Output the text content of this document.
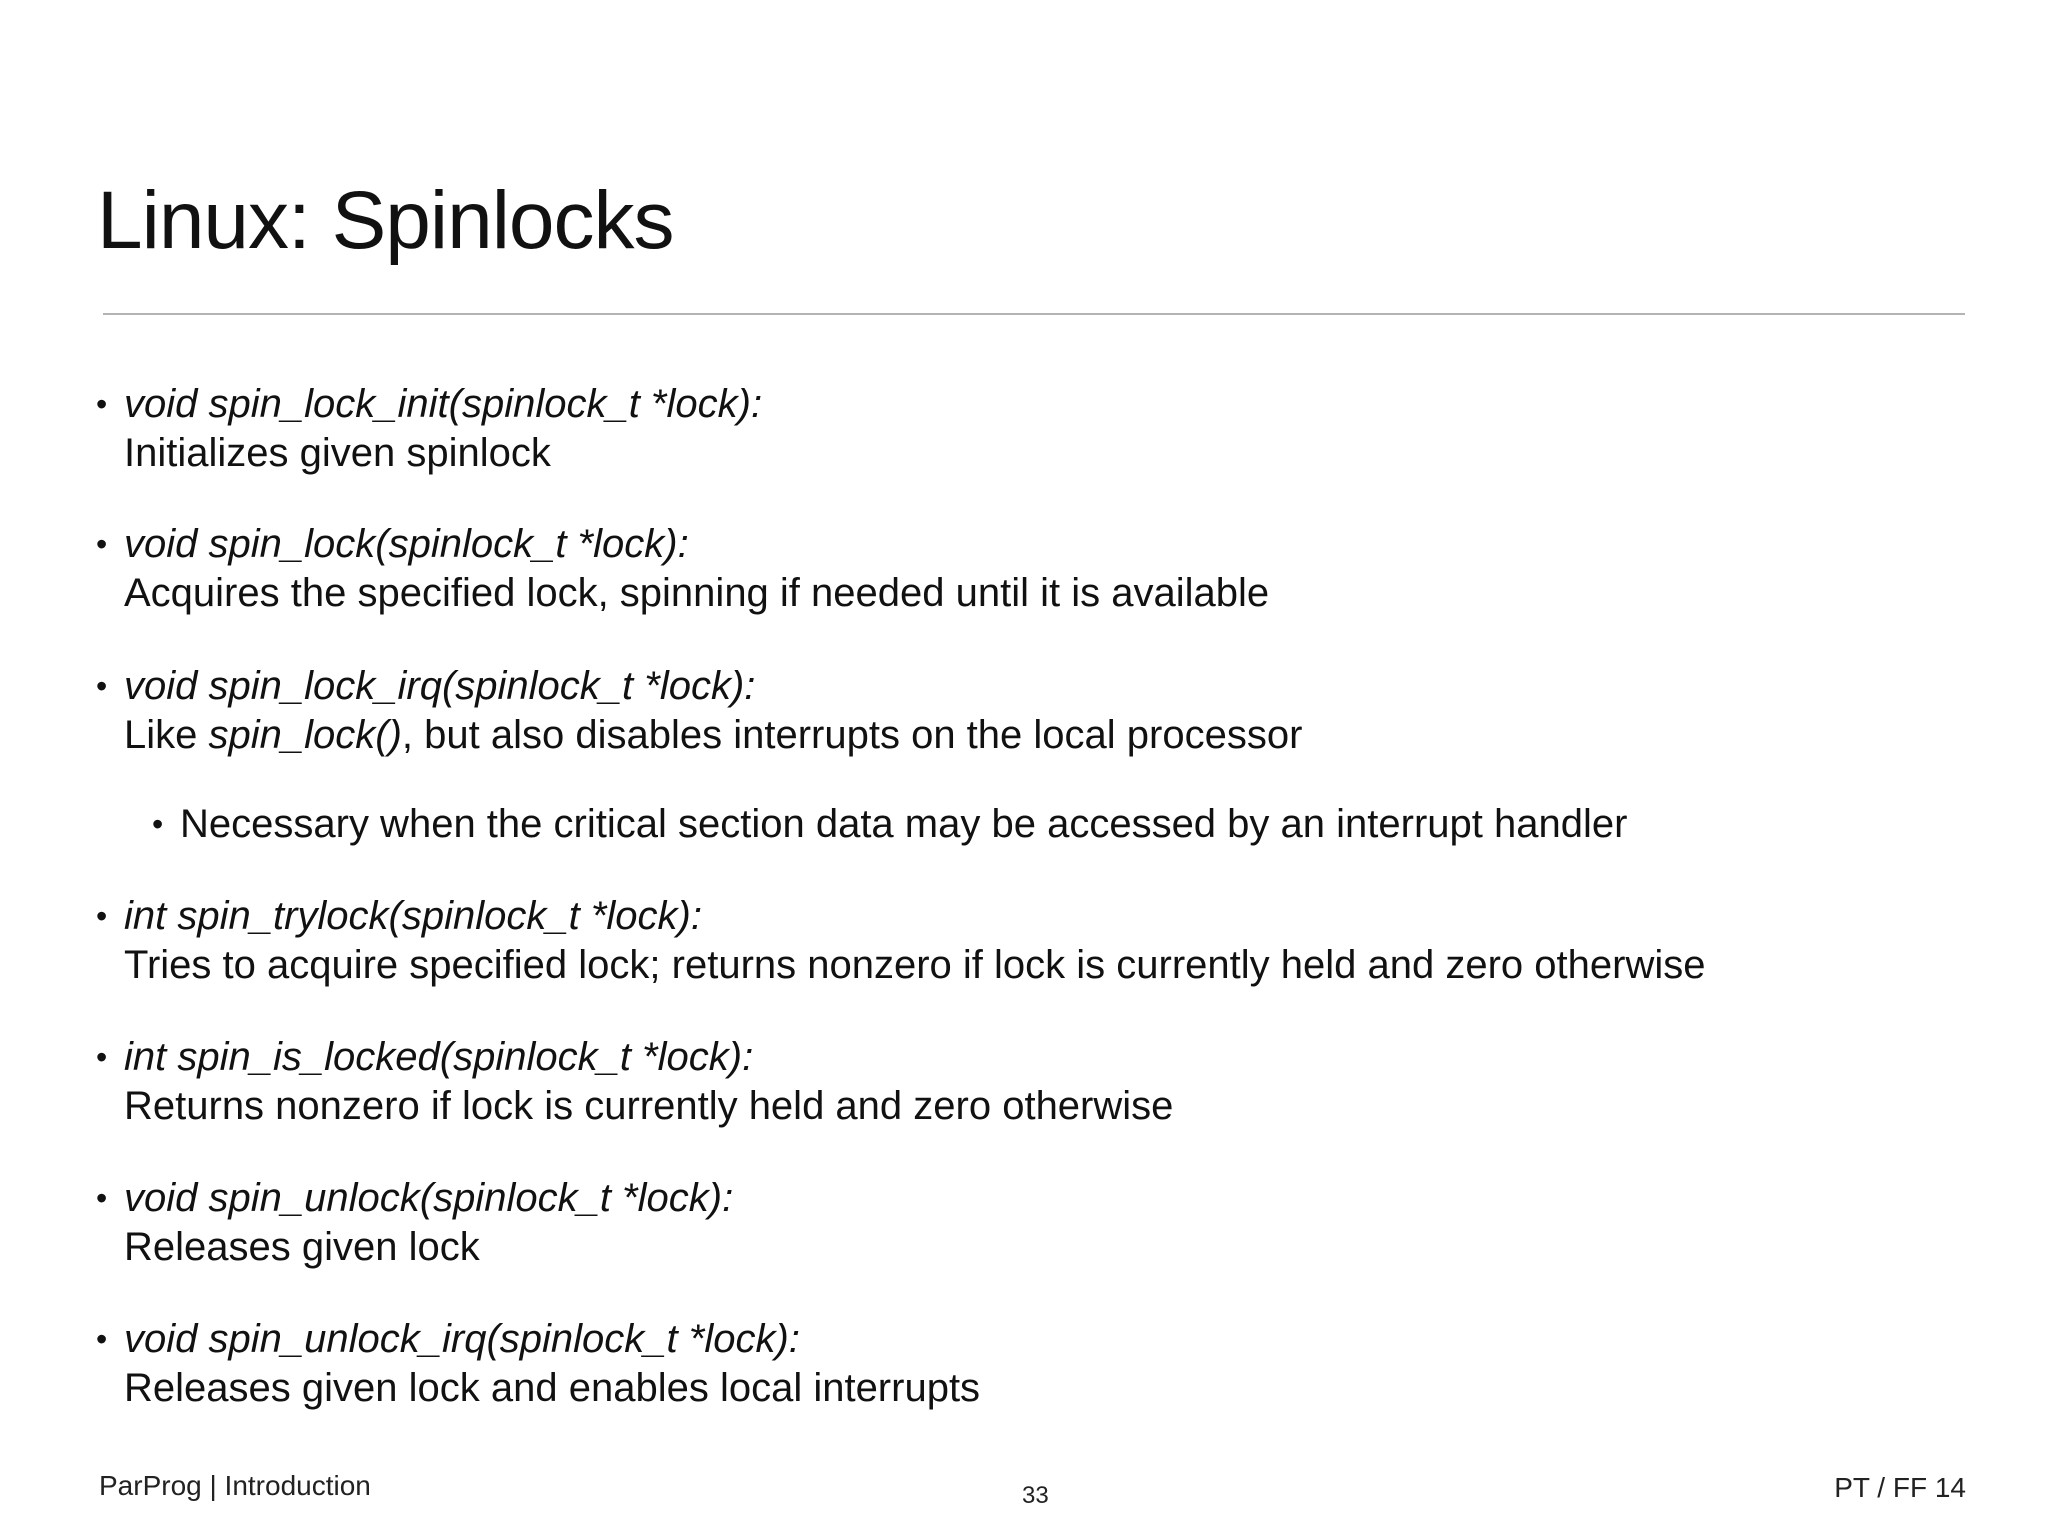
Linux: Spinlocks
• void spin_lock_init(spinlock_t *lock):
Initializes given spinlock
• void spin_lock(spinlock_t *lock):
Acquires the specified lock, spinning if needed until it is available
• void spin_lock_irq(spinlock_t *lock):
Like spin_lock(), but also disables interrupts on the local processor
• Necessary when the critical section data may be accessed by an interrupt handler
• int spin_trylock(spinlock_t *lock):
Tries to acquire specified lock; returns nonzero if lock is currently held and zero otherwise
• int spin_is_locked(spinlock_t *lock):
Returns nonzero if lock is currently held and zero otherwise
• void spin_unlock(spinlock_t *lock):
Releases given lock
• void spin_unlock_irq(spinlock_t *lock):
Releases given lock and enables local interrupts
ParProg | Introduction	33	PT / FF 14
